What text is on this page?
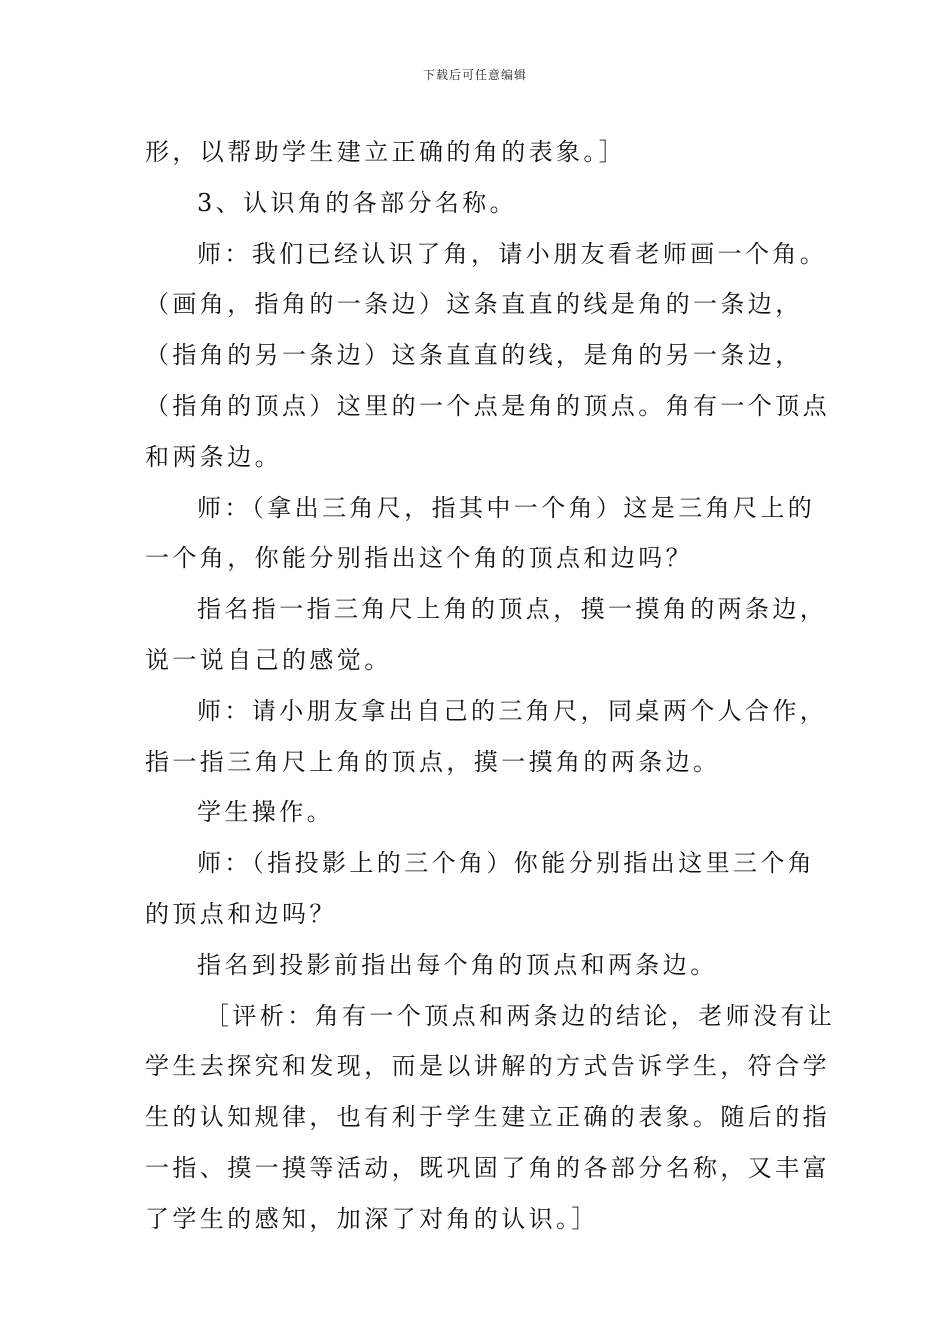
下载后可任意编辑

形，以帮助学生建立正确的角的表象。］

3、认识角的各部分名称。

师：我们已经认识了角，请小朋友看老师画一个角。

（画角，指角的一条边）这条直直的线是角的一条边，

（指角的另一条边）这条直直的线，是角的另一条边，

（指角的顶点）这里的一个点是角的顶点。角有一个顶点

和两条边。

师：（拿出三角尺，指其中一个角）这是三角尺上的

一个角，你能分别指出这个角的顶点和边吗？

指名指一指三角尺上角的顶点，摸一摸角的两条边，

说一说自己的感觉。

师：请小朋友拿出自己的三角尺，同桌两个人合作，

指一指三角尺上角的顶点，摸一摸角的两条边。

学生操作。

师：（指投影上的三个角）你能分别指出这里三个角

的顶点和边吗？

指名到投影前指出每个角的顶点和两条边。

［评析：角有一个顶点和两条边的结论，老师没有让

学生去探究和发现，而是以讲解的方式告诉学生，符合学

生的认知规律，也有利于学生建立正确的表象。随后的指

一指、摸一摸等活动，既巩固了角的各部分名称，又丰富

了学生的感知，加深了对角的认识。］
